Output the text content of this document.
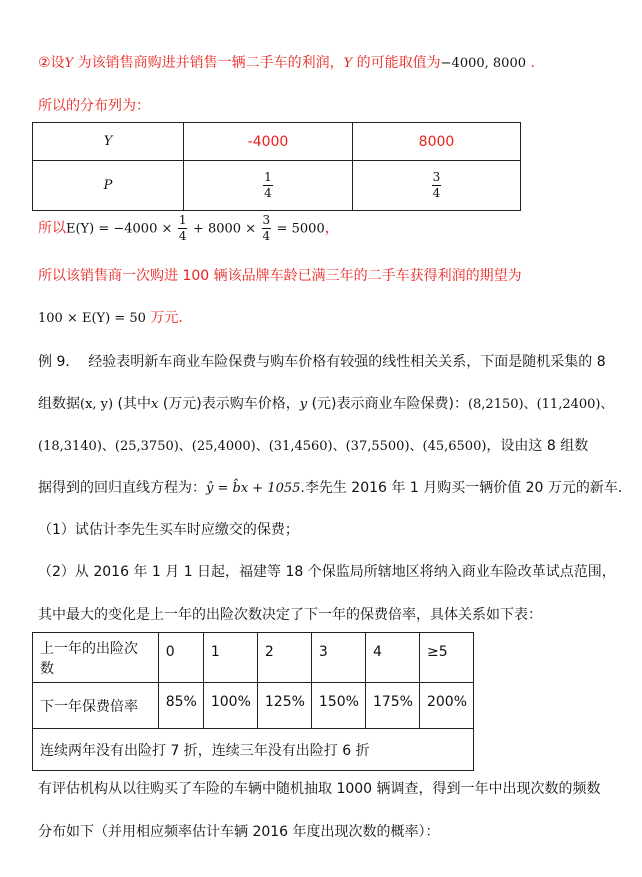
②设Y 为该销售商购进并销售一辆二手车的利润，Y 的可能取值为−4000, 8000 .
所以的分布列为：
Y	-4000	8000
P	$\frac{1}{4}$	$\frac{3}{4}$
所以$E(Y) = -4000 \times \frac{1}{4} + 8000 \times \frac{3}{4} = 5000$，
所以该销售商一次购进 100 辆该品牌车龄已满三年的二手车获得利润的期望为
100 × E(Y) = 50 万元.
例 9． 经验表明新车商业车险保费与购车价格有较强的线性相关关系，下面是随机采集的 8
组数据(x, y) (其中x (万元)表示购车价格，y (元)表示商业车险保费)：(8,2150)、(11,2400)、
(18,3140)、(25,3750)、(25,4000)、(31,4560)、(37,5500)、(45,6500)，设由这 8 组数
据得到的回归直线方程为：ŷ = b̂x + 1055.李先生 2016 年 1 月购买一辆价值 20 万元的新车.
（1）试估计李先生买车时应缴交的保费；
（2）从 2016 年 1 月 1 日起，福建等 18 个保监局所辖地区将纳入商业车险改革试点范围，
其中最大的变化是上一年的出险次数决定了下一年的保费倍率，具体关系如下表：
上一年的出险次数	0	1	2	3	4	≥5
下一年保费倍率	85%	100%	125%	150%	175%	200%
连续两年没有出险打 7 折，连续三年没有出险打 6 折						
有评估机构从以往购买了车险的车辆中随机抽取 1000 辆调查，得到一年中出现次数的频数
分布如下（并用相应频率估计车辆 2016 年度出现次数的概率）：
